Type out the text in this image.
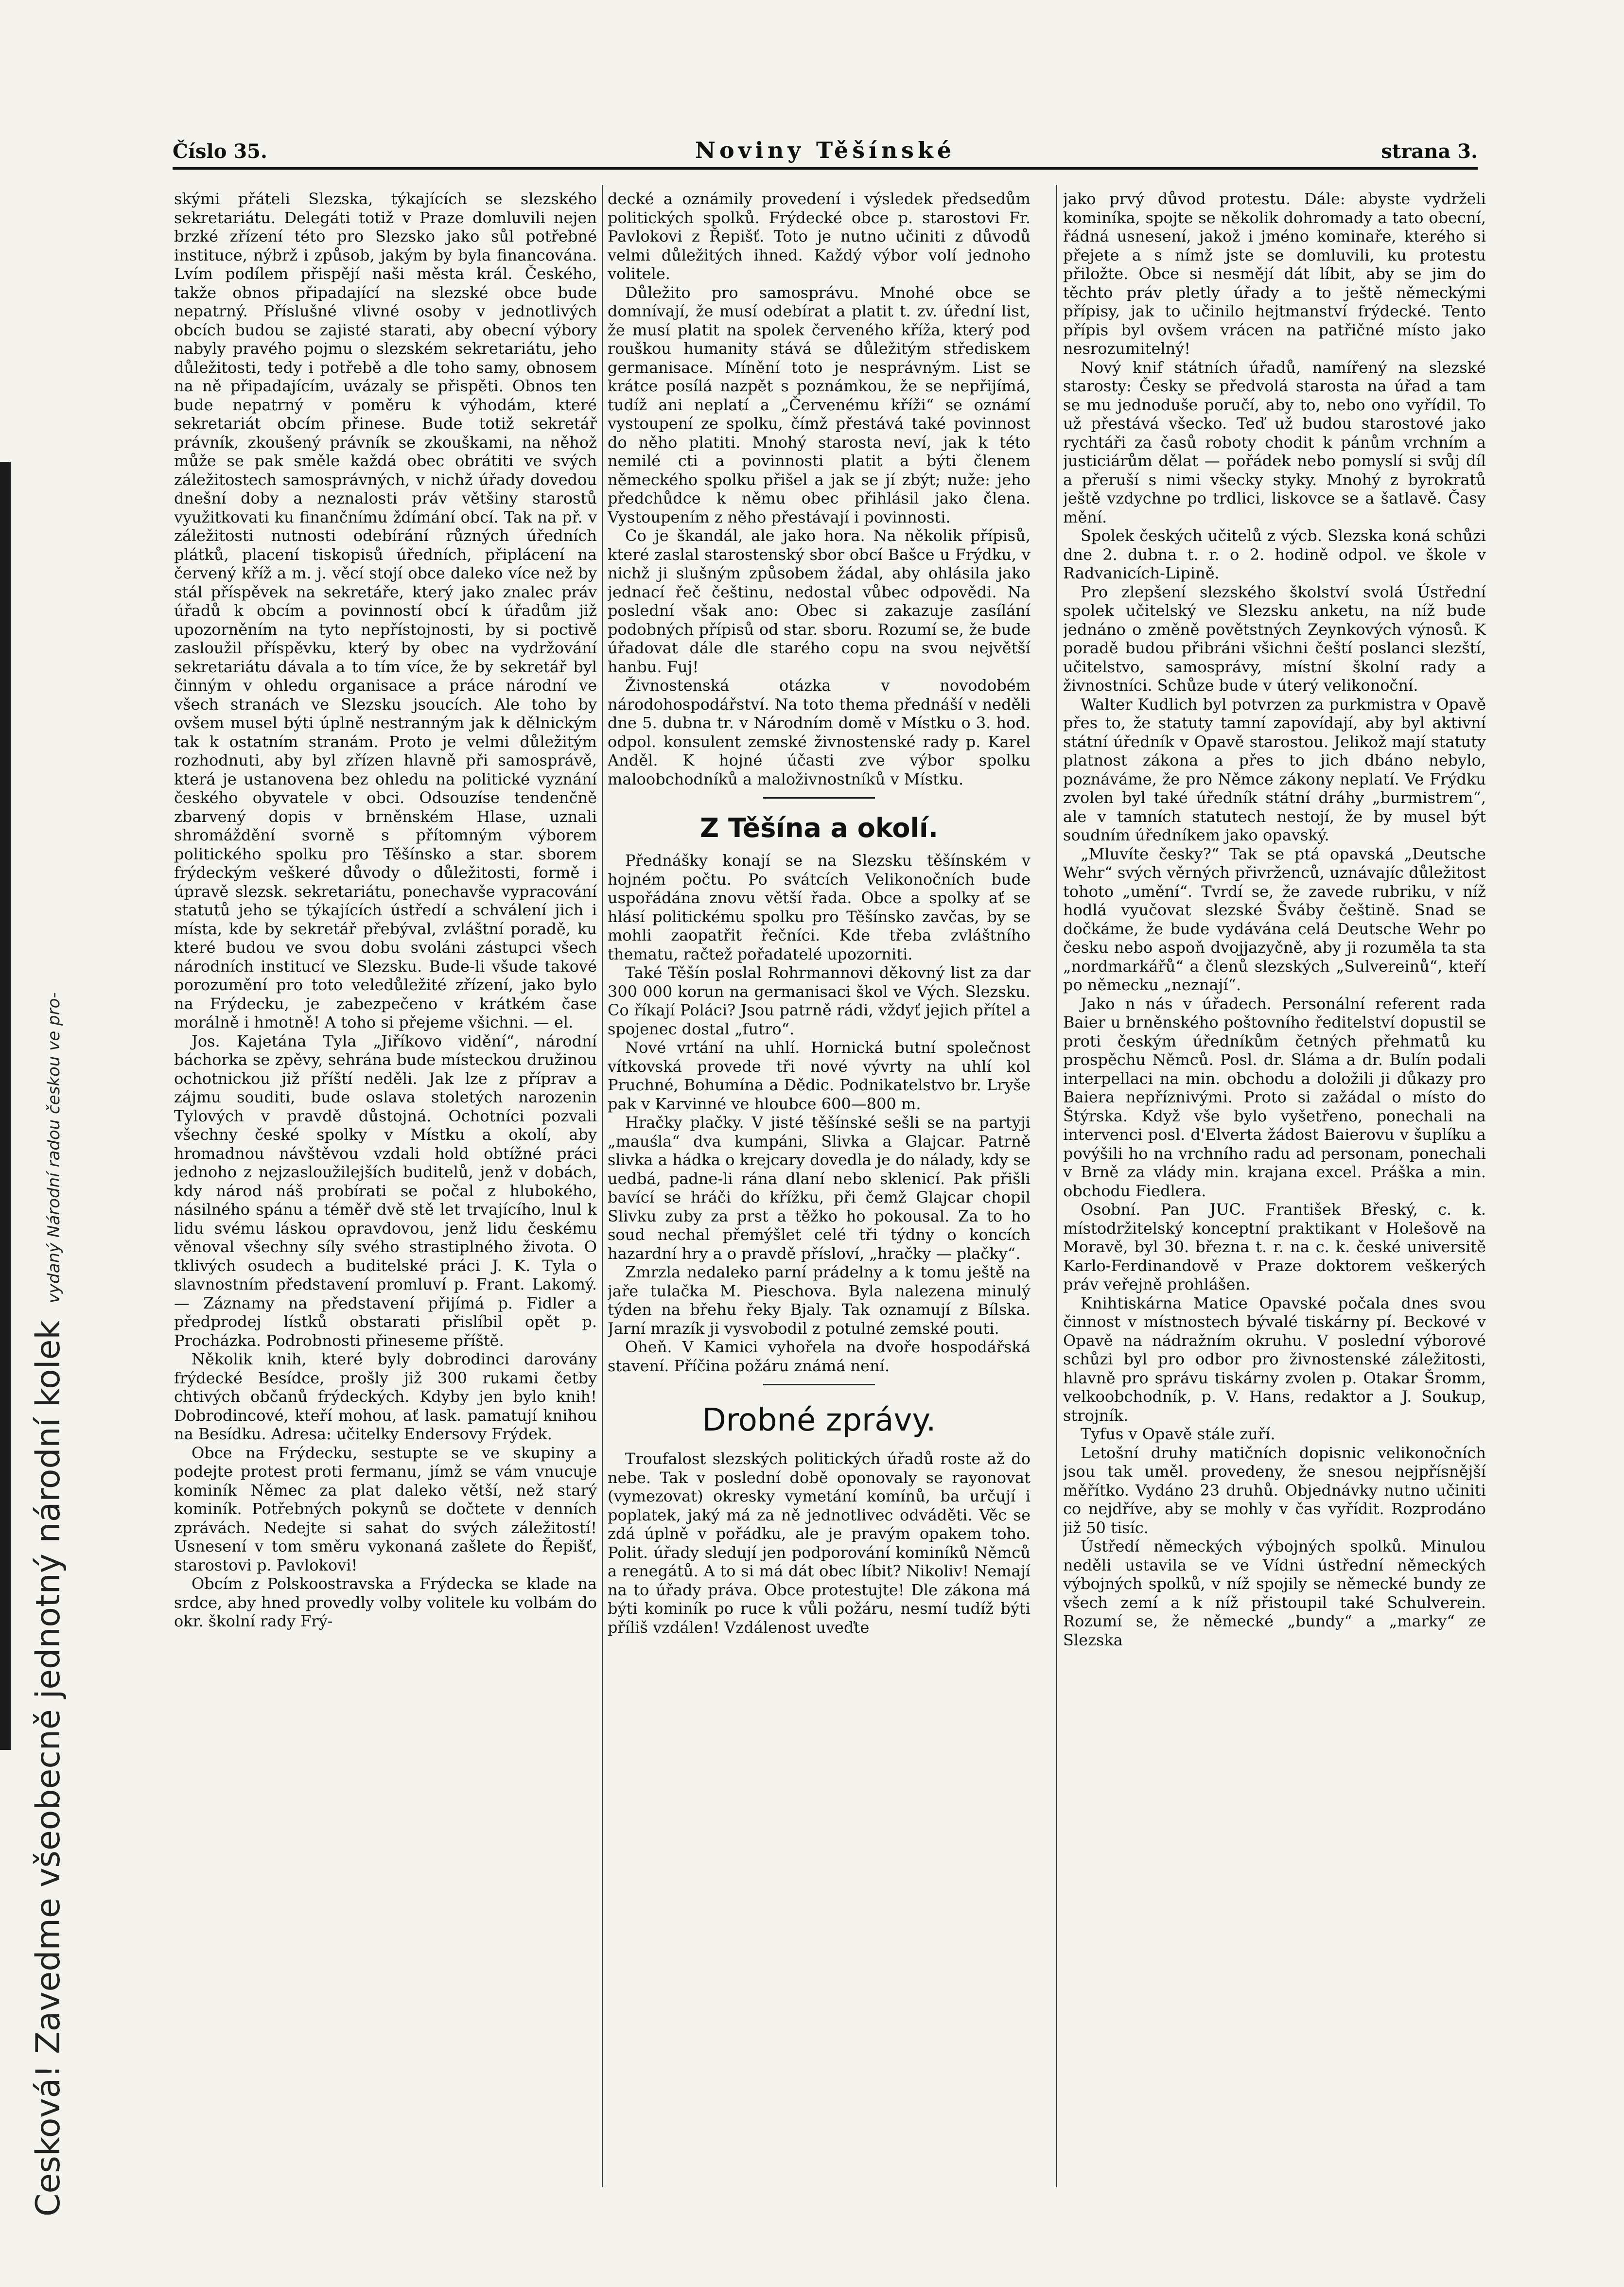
Cesková! Zavedme všeobecně jednotný národní kolek vydaný Národní radou českou ve pro-
Číslo 35.	Noviny Těšínské	strana 3.

skými přáteli Slezska, týkajících se slezského sekretariátu. Delegáti totiž v Praze domluvili nejen brzké zřízení této pro Slezsko jako sůl potřebné instituce, nýbrž i způsob, jakým by byla financována. Lvím podílem přispějí naši města král. Českého, takže obnos připadající na slezské obce bude nepatrný. Příslušné vlivné osoby v jednotlivých obcích budou se zajisté starati, aby obecní výbory nabyly pravého pojmu o slezském sekretariátu, jeho důležitosti, tedy i potřebě a dle toho samy, obnosem na ně připadajícím, uvázaly se přispěti. Obnos ten bude nepatrný v poměru k výhodám, které sekretariát obcím přinese. Bude totiž sekretář právník, zkoušený právník se zkouškami, na něhož může se pak směle každá obec obrátiti ve svých záležitostech samosprávných, v nichž úřady dovedou dnešní doby a neznalosti práv většiny starostů využitkovati ku finančnímu ždímání obcí. Tak na př. v záležitosti nutnosti odebírání různých úředních plátků, placení tiskopisů úředních, připlácení na červený kříž a m. j. věcí stojí obce daleko více než by stál příspěvek na sekretáře, který jako znalec práv úřadů k obcím a povinností obcí k úřadům již upozorněním na tyto nepřístojnosti, by si poctivě zasloužil příspěvku, který by obec na vydržování sekretariátu dávala a to tím více, že by sekretář byl činným v ohledu organisace a práce národní ve všech stranách ve Slezsku jsoucích. Ale toho by ovšem musel býti úplně nestranným jak k dělnickým tak k ostatním stranám. Proto je velmi důležitým rozhodnuti, aby byl zřízen hlavně při samosprávě, která je ustanovena bez ohledu na politické vyznání českého obyvatele v obci. Odsouzíse tendenčně zbarvený dopis v brněnském Hlase, uznali shromáždění svorně s přítomným výborem politického spolku pro Těšínsko a star. sborem frýdeckým veškeré důvody o důležitosti, formě i úpravě slezsk. sekretariátu, ponechavše vypracování statutů jeho se týkajících ústředí a schválení jich i místa, kde by sekretář přebýval, zvláštní poradě, ku které budou ve svou dobu svoláni zástupci všech národních institucí ve Slezsku. Bude-li všude takové porozumění pro toto veledůležité zřízení, jako bylo na Frýdecku, je zabezpečeno v krátkém čase morálně i hmotně! A toho si přejeme všichni. — el.

Jos. Kajetána Tyla „Jiříkovo vidění“, národní báchorka se zpěvy, sehrána bude místeckou družinou ochotnickou již příští neděli. Jak lze z příprav a zájmu souditi, bude oslava stoletých narozenin Tylových v pravdě důstojná. Ochotníci pozvali všechny české spolky v Místku a okolí, aby hromadnou návštěvou vzdali hold obtížné práci jednoho z nejzasloužilejších buditelů, jenž v dobách, kdy národ náš probírati se počal z hlubokého, násilného spánu a téměř dvě stě let trvajícího, lnul k lidu svému láskou opravdovou, jenž lidu českému věnoval všechny síly svého strastiplného života. O tklivých osudech a buditelské práci J. K. Tyla o slavnostním představení promluví p. Frant. Lakomý. — Záznamy na představení přijímá p. Fidler a předprodej lístků obstarati přislíbil opět p. Procházka. Podrobnosti přineseme příště.

Několik knih, které byly dobrodinci darovány frýdecké Besídce, prošly již 300 rukami četby chtivých občanů frýdeckých. Kdyby jen bylo knih! Dobrodincové, kteří mohou, ať lask. pamatují knihou na Besídku. Adresa: učitelky Endersovy Frýdek.

Obce na Frýdecku, sestupte se ve skupiny a podejte protest proti fermanu, jímž se vám vnucuje kominík Němec za plat daleko větší, než starý kominík. Potřebných pokynů se dočtete v denních zprávách. Nedejte si sahat do svých záležitostí! Usnesení v tom směru vykonaná zašlete do Řepišť, starostovi p. Pavlokovi!

Obcím z Polskoostravska a Frýdecka se klade na srdce, aby hned provedly volby volitele ku volbám do okr. školní rady Frý-

decké a oznámily provedení i výsledek předsedům politických spolků. Frýdecké obce p. starostovi Fr. Pavlokovi z Řepišť. Toto je nutno učiniti z důvodů velmi důležitých ihned. Každý výbor volí jednoho volitele.

Důležito pro samosprávu. Mnohé obce se domnívají, že musí odebírat a platit t. zv. úřední list, že musí platit na spolek červeného kříža, který pod rouškou humanity stává se důležitým střediskem germanisace. Mínění toto je nesprávným. List se krátce posílá nazpět s poznámkou, že se nepřijímá, tudíž ani neplatí a „Červenému kříži“ se oznámí vystoupení ze spolku, čímž přestává také povinnost do něho platiti. Mnohý starosta neví, jak k této nemilé cti a povinnosti platit a býti členem německého spolku přišel a jak se jí zbýt; nuže: jeho předchůdce k němu obec přihlásil jako člena. Vystoupením z něho přestávají i povinnosti.

Co je škandál, ale jako hora. Na několik přípisů, které zaslal starostenský sbor obcí Bašce u Frýdku, v nichž ji slušným způsobem žádal, aby ohlásila jako jednací řeč češtinu, nedostal vůbec odpovědi. Na poslední však ano: Obec si zakazuje zasílání podobných přípisů od star. sboru. Rozumí se, že bude úřadovat dále dle starého copu na svou největší hanbu. Fuj!

Živnostenská otázka v novodobém národohospodářství. Na toto thema přednáší v neděli dne 5. dubna tr. v Národním domě v Místku o 3. hod. odpol. konsulent zemské živnostenské rady p. Karel Anděl. K hojné účasti zve výbor spolku maloobchodníků a maloživnostníků v Místku.

Z Těšína a okolí.

Přednášky konají se na Slezsku těšínském v hojném počtu. Po svátcích Velikonočních bude uspořádána znovu větší řada. Obce a spolky ať se hlásí politickému spolku pro Těšínsko zavčas, by se mohli zaopatřit řečníci. Kde třeba zvláštního thematu, račtež pořadatelé upozorniti.

Také Těšín poslal Rohrmannovi děkovný list za dar 300 000 korun na germanisaci škol ve Vých. Slezsku. Co říkají Poláci? Jsou patrně rádi, vždyť jejich přítel a spojenec dostal „futro“.

Nové vrtání na uhlí. Hornická butní společnost vítkovská provede tři nové vývrty na uhlí kol Pruchné, Bohumína a Dědic. Podnikatelstvo br. Lryše pak v Karvinné ve hloubce 600—800 m.

Hračky plačky. V jisté těšínské sešli se na partyji „mauśla“ dva kumpáni, Slivka a Glajcar. Patrně slivka a hádka o krejcary dovedla je do nálady, kdy se uedbá, padne-li rána dlaní nebo sklenicí. Pak přišli bavící se hráči do křížku, při čemž Glajcar chopil Slivku zuby za prst a těžko ho pokousal. Za to ho soud nechal přemýšlet celé tři týdny o koncích hazardní hry a o pravdě přísloví, „hračky — plačky“.

Zmrzla nedaleko parní prádelny a k tomu ještě na jaře tulačka M. Pieschova. Byla nalezena minulý týden na břehu řeky Bjaly. Tak oznamují z Bílska. Jarní mrazík ji vysvobodil z potulné zemské pouti.

Oheň. V Kamici vyhořela na dvoře hospodářská stavení. Příčina požáru známá není.

Drobné zprávy.

Troufalost slezských politických úřadů roste až do nebe. Tak v poslední době oponovaly se rayonovat (vymezovat) okresky vymetání komínů, ba určují i poplatek, jaký má za ně jednotlivec odváděti. Věc se zdá úplně v pořádku, ale je pravým opakem toho. Polit. úřady sledují jen podporování kominíků Němců a renegátů. A to si má dát obec líbit? Nikoliv! Nemají na to úřady práva. Obce protestujte! Dle zákona má býti kominík po ruce k vůli požáru, nesmí tudíž býti příliš vzdálen! Vzdálenost uveďte

jako prvý důvod protestu. Dále: abyste vydrželi kominíka, spojte se několik dohromady a tato obecní, řádná usnesení, jakož i jméno kominaře, kterého si přejete a s nímž jste se domluvili, ku protestu přiložte. Obce si nesmějí dát líbit, aby se jim do těchto práv pletly úřady a to ještě německými přípisy, jak to učinilo hejtmanství frýdecké. Tento přípis byl ovšem vrácen na patřičné místo jako nesrozumitelný!

Nový knif státních úřadů, namířený na slezské starosty: Česky se předvolá starosta na úřad a tam se mu jednoduše poručí, aby to, nebo ono vyřídil. To už přestává všecko. Teď už budou starostové jako rychtáři za časů roboty chodit k pánům vrchním a justiciárům dělat — pořádek nebo pomyslí si svůj díl a přeruší s nimi všecky styky. Mnohý z byrokratů ještě vzdychne po trdlici, liskovce se a šatlavě. Časy mění.

Spolek českých učitelů z výcb. Slezska koná schůzi dne 2. dubna t. r. o 2. hodině odpol. ve škole v Radvanicích-Lipině.

Pro zlepšení slezského školství svolá Ústřední spolek učitelský ve Slezsku anketu, na níž bude jednáno o změně povětstných Zeynkových výnosů. K poradě budou přibráni všichni čeští poslanci slezští, učitelstvo, samosprávy, místní školní rady a živnostníci. Schůze bude v úterý velikonoční.

Walter Kudlich byl potvrzen za purkmistra v Opavě přes to, že statuty tamní zapovídají, aby byl aktivní státní úředník v Opavě starostou. Jelikož mají statuty platnost zákona a přes to jich dbáno nebylo, poznáváme, že pro Němce zákony neplatí. Ve Frýdku zvolen byl také úředník státní dráhy „burmistrem“, ale v tamních statutech nestojí, že by musel být soudním úředníkem jako opavský.

„Mluvíte česky?“ Tak se ptá opavská „Deutsche Wehr“ svých věrných přivrženců, uznávajíc důležitost tohoto „umění“. Tvrdí se, že zavede rubriku, v níž hodlá vyučovat slezské Šváby češtině. Snad se dočkáme, že bude vydávána celá Deutsche Wehr po česku nebo aspoň dvojjazyčně, aby ji rozuměla ta sta „nordmarkářů“ a členů slezských „Sulvereinů“, kteří po německu „neznají“.

Jako n nás v úřadech. Personální referent rada Baier u brněnského poštovního ředitelství dopustil se proti českým úředníkům četných přehmatů ku prospěchu Němců. Posl. dr. Sláma a dr. Bulín podali interpellaci na min. obchodu a doložili ji důkazy pro Baiera nepříznivými. Proto si zažádal o místo do Štýrska. Když vše bylo vyšetřeno, ponechali na intervenci posl. d'Elverta žádost Baierovu v šuplíku a povýšili ho na vrchního radu ad personam, ponechali v Brně za vlády min. krajana excel. Práška a min. obchodu Fiedlera.

Osobní. Pan JUC. František Břeský, c. k. místodržitelský konceptní praktikant v Holešově na Moravě, byl 30. března t. r. na c. k. české universitě Karlo-Ferdinandově v Praze doktorem veškerých práv veřejně prohlášen.

Knihtiskárna Matice Opavské počala dnes svou činnost v místnostech bývalé tiskárny pí. Beckové v Opavě na nádražním okruhu. V poslední výborové schůzi byl pro odbor pro živnostenské záležitosti, hlavně pro správu tiskárny zvolen p. Otakar Šromm, velkoobchodník, p. V. Hans, redaktor a J. Soukup, strojník.

Tyfus v Opavě stále zuří.

Letošní druhy matičních dopisnic velikonočních jsou tak uměl. provedeny, že snesou nejpřísnější měřítko. Vydáno 23 druhů. Objednávky nutno učiniti co nejdříve, aby se mohly v čas vyřídit. Rozprodáno již 50 tisíc.

Ústředí německých výbojných spolků. Minulou neděli ustavila se ve Vídni ústřední německých výbojných spolků, v níž spojily se německé bundy ze všech zemí a k níž přistoupil také Schulverein. Rozumí se, že německé „bundy“ a „marky“ ze Slezska
